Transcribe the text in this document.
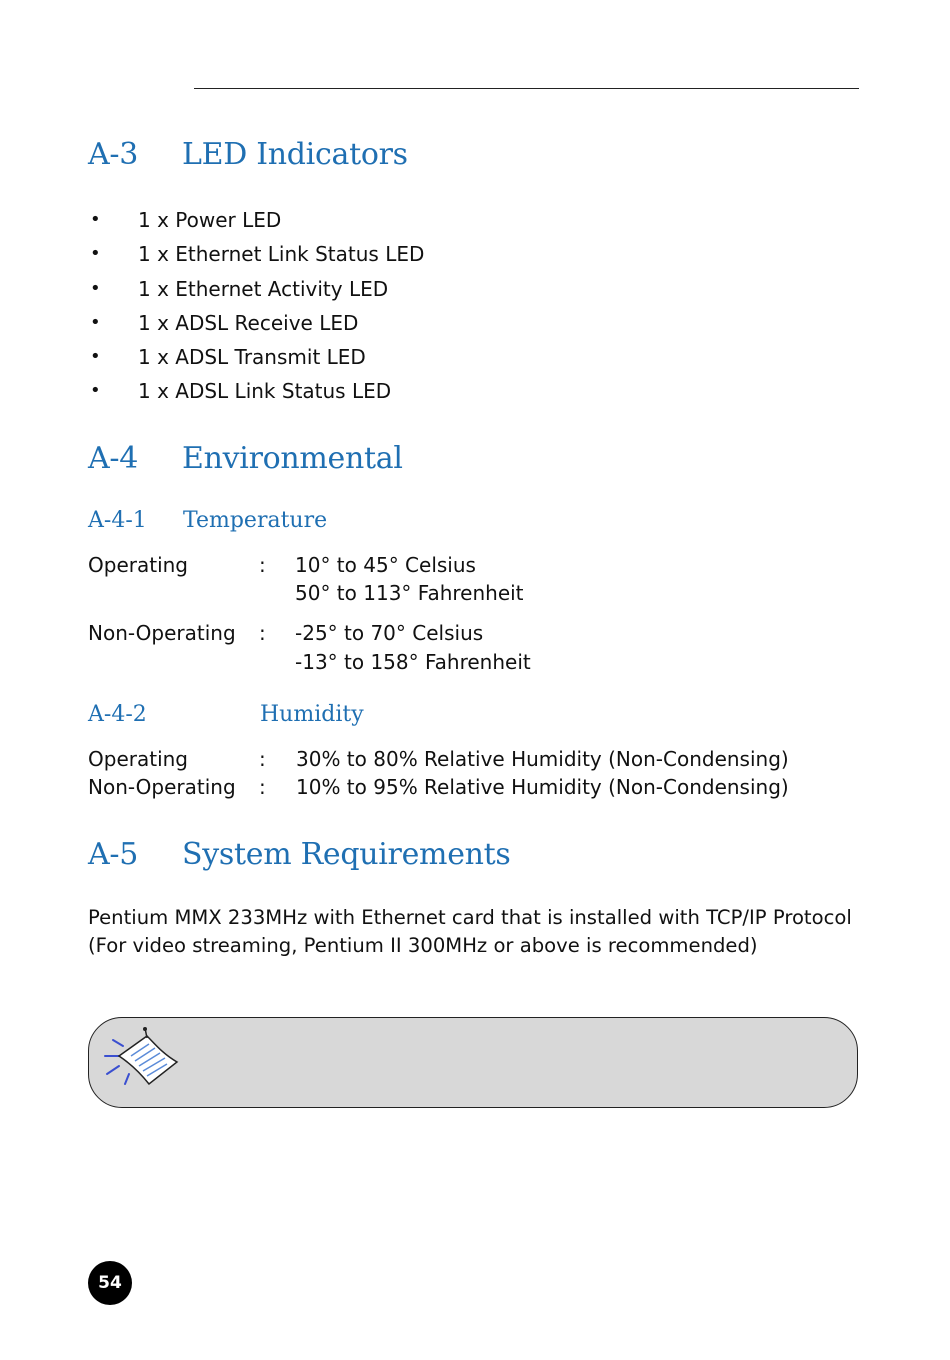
A-3 LED Indicators
• 1 x Power LED
• 1 x Ethernet Link Status LED
• 1 x Ethernet Activity LED
• 1 x ADSL Receive LED
• 1 x ADSL Transmit LED
• 1 x ADSL Link Status LED
A-4 Environmental
A-4-1 Temperature
Operating	: 10° to 45° Celsius
50° to 113° Fahrenheit
Non-Operating : -25° to 70° Celsius
-13° to 158° Fahrenheit
A-4-2	Humidity
Operating	: 30% to 80% Relative Humidity (Non-Condensing)
Non-Operating : 10% to 95% Relative Humidity (Non-Condensing)
A-5 System Requirements
Pentium MMX 233MHz with Ethernet card that is installed with TCP/IP Protocol (For video streaming, Pentium II 300MHz or above is recommended)
54
